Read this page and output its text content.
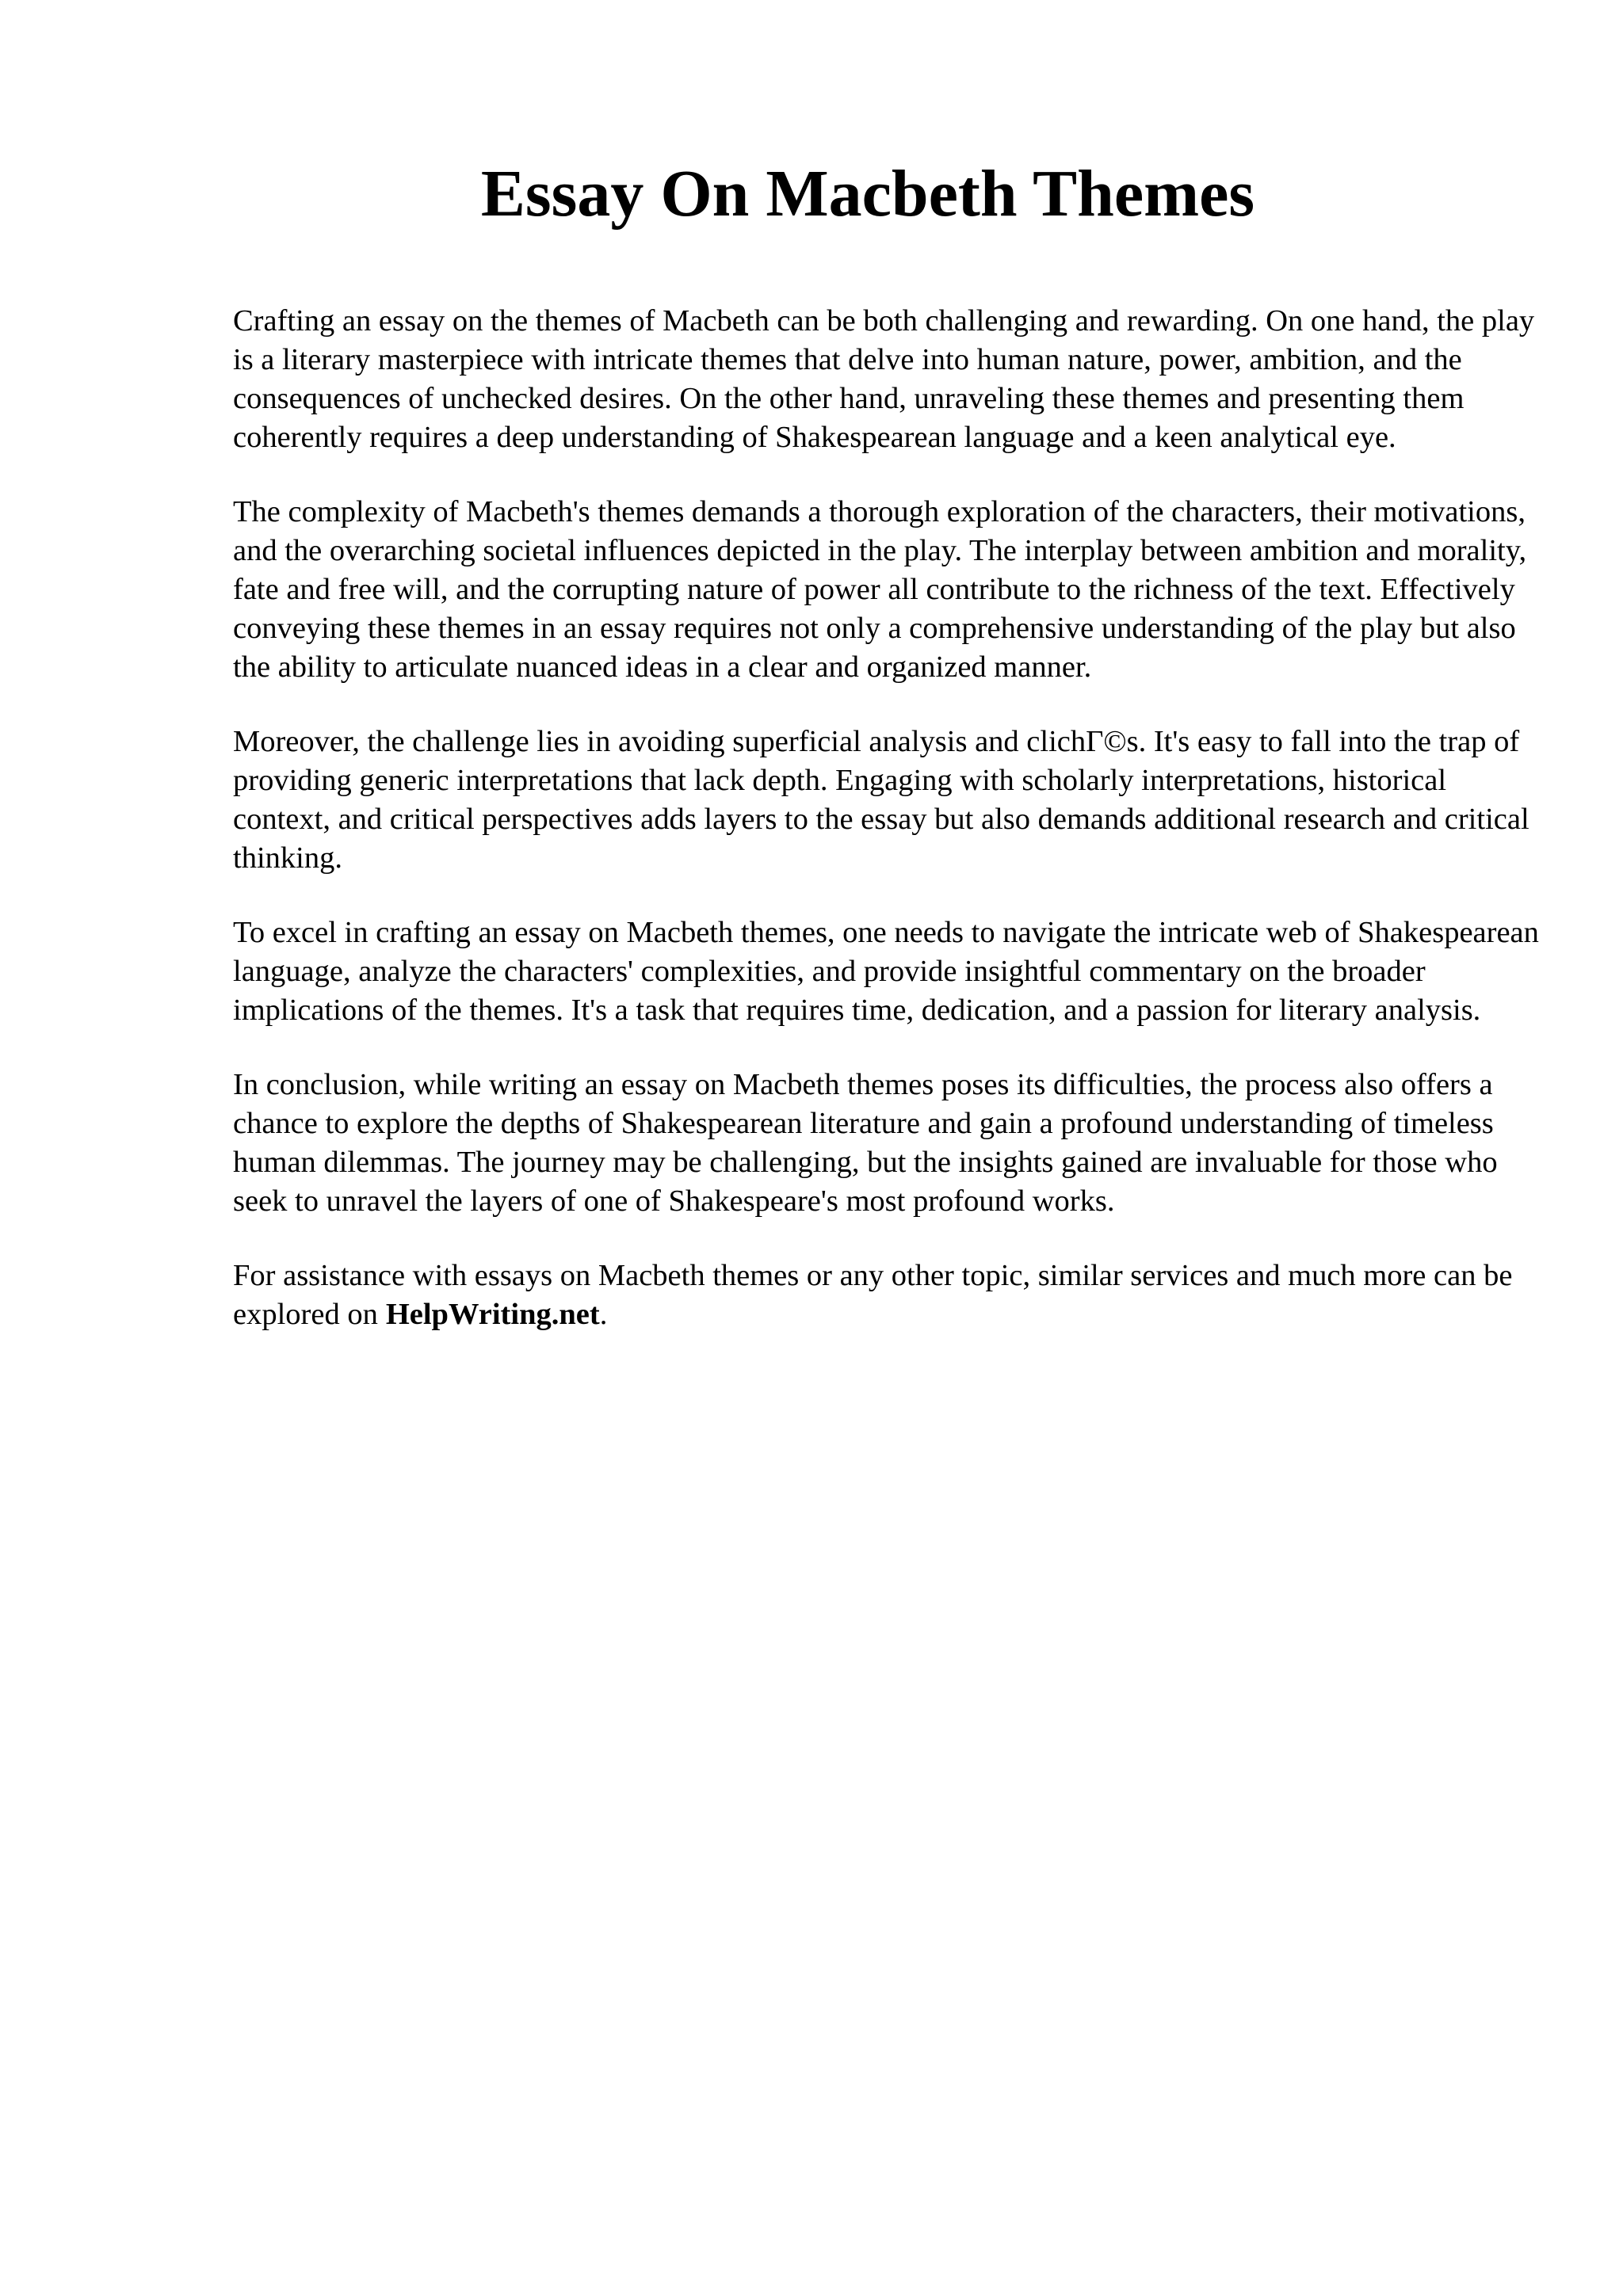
Essay On Macbeth Themes

Crafting an essay on the themes of Macbeth can be both challenging and rewarding. On one hand, the play is a literary masterpiece with intricate themes that delve into human nature, power, ambition, and the consequences of unchecked desires. On the other hand, unraveling these themes and presenting them coherently requires a deep understanding of Shakespearean language and a keen analytical eye.

The complexity of Macbeth's themes demands a thorough exploration of the characters, their motivations, and the overarching societal influences depicted in the play. The interplay between ambition and morality, fate and free will, and the corrupting nature of power all contribute to the richness of the text. Effectively conveying these themes in an essay requires not only a comprehensive understanding of the play but also the ability to articulate nuanced ideas in a clear and organized manner.

Moreover, the challenge lies in avoiding superficial analysis and clichГ©s. It's easy to fall into the trap of providing generic interpretations that lack depth. Engaging with scholarly interpretations, historical context, and critical perspectives adds layers to the essay but also demands additional research and critical thinking.

To excel in crafting an essay on Macbeth themes, one needs to navigate the intricate web of Shakespearean language, analyze the characters' complexities, and provide insightful commentary on the broader implications of the themes. It's a task that requires time, dedication, and a passion for literary analysis.

In conclusion, while writing an essay on Macbeth themes poses its difficulties, the process also offers a chance to explore the depths of Shakespearean literature and gain a profound understanding of timeless human dilemmas. The journey may be challenging, but the insights gained are invaluable for those who seek to unravel the layers of one of Shakespeare's most profound works.

For assistance with essays on Macbeth themes or any other topic, similar services and much more can be explored on HelpWriting.net.
